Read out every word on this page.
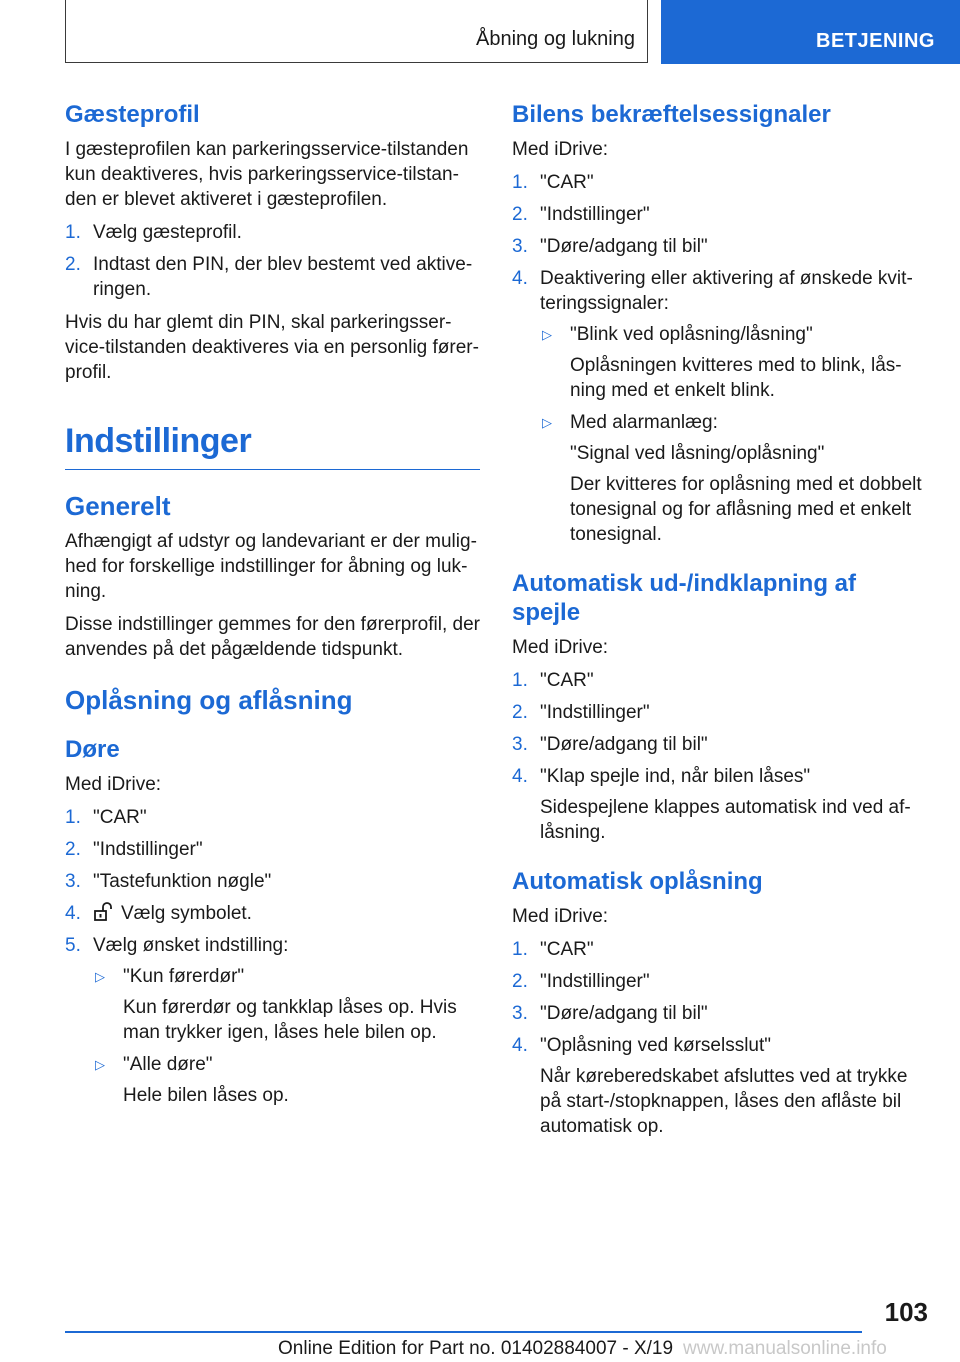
Åbning og lukning	BETJENING
Gæsteprofil

I gæsteprofilen kan parkeringsservice-tilstanden kun deaktiveres, hvis parkeringsservice-tilstanden er blevet aktiveret i gæsteprofilen.

1. Vælg gæsteprofil.
2. Indtast den PIN, der blev bestemt ved aktiveringen.

Hvis du har glemt din PIN, skal parkeringsservice-tilstanden deaktiveres via en personlig førerprofil.

Indstillinger
Generelt

Afhængigt af udstyr og landevariant er der mulighed for forskellige indstillinger for åbning og lukning.

Disse indstillinger gemmes for den førerprofil, der anvendes på det pågældende tidspunkt.

Oplåsning og aflåsning
Døre

Med iDrive:

1. "CAR"
2. "Indstillinger"
3. "Tastefunktion nøgle"
4. Vælg symbolet.
5. Vælg ønsket indstilling:
▷ "Kun førerdør"
Kun førerdør og tankklap låses op. Hvis man trykker igen, låses hele bilen op.
▷ "Alle døre"
Hele bilen låses op.
Bilens bekræftelsessignaler

Med iDrive:

1. "CAR"
2. "Indstillinger"
3. "Døre/adgang til bil"
4. Deaktivering eller aktivering af ønskede kvitteringssignaler:
▷ "Blink ved oplåsning/låsning"
Oplåsningen kvitteres med to blink, låsning med et enkelt blink.
▷ Med alarmanlæg:
"Signal ved låsning/oplåsning"
Der kvitteres for oplåsning med et dobbelt tonesignal og for aflåsning med et enkelt tonesignal.
Automatisk ud-/indklapning af spejle

Med iDrive:

1. "CAR"
2. "Indstillinger"
3. "Døre/adgang til bil"
4. "Klap spejle ind, når bilen låses"
Sidespejlene klappes automatisk ind ved aflåsning.
Automatisk oplåsning

Med iDrive:

1. "CAR"
2. "Indstillinger"
3. "Døre/adgang til bil"
4. "Oplåsning ved kørselsslut"
Når køreberedskabet afsluttes ved at trykke på start-/stopknappen, låses den aflåste bil automatisk op.
103
Online Edition for Part no. 01402884007 - X/19 www.manualsonline.info
